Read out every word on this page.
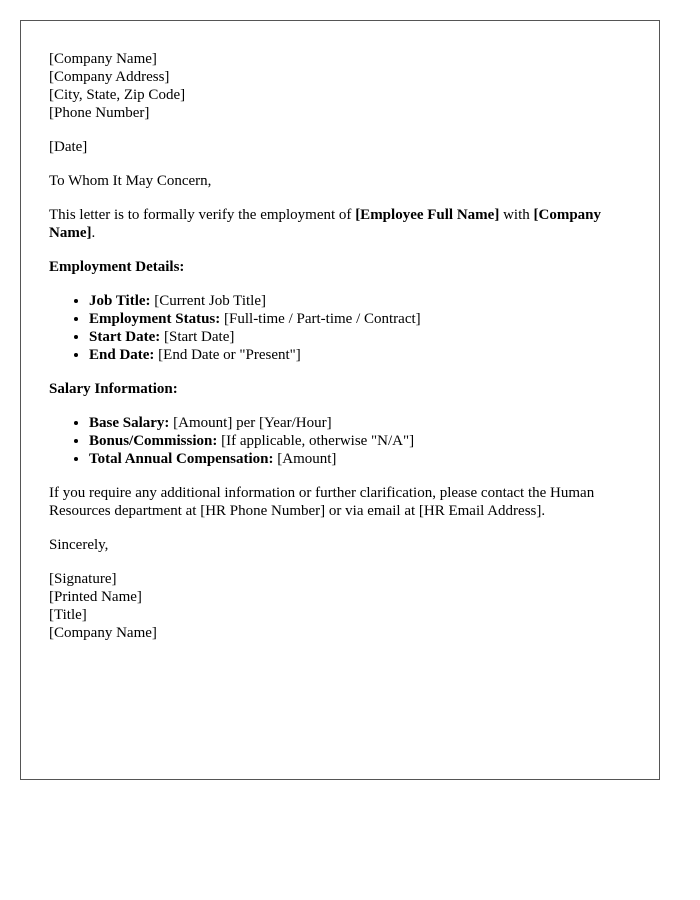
[Company Name]
[Company Address]
[City, State, Zip Code]
[Phone Number]

[Date]

To Whom It May Concern,

This letter is to formally verify the employment of [Employee Full Name] with [Company Name].

Employment Details:
• Job Title: [Current Job Title]
• Employment Status: [Full-time / Part-time / Contract]
• Start Date: [Start Date]
• End Date: [End Date or "Present"]
Salary Information:
• Base Salary: [Amount] per [Year/Hour]
• Bonus/Commission: [If applicable, otherwise "N/A"]
• Total Annual Compensation: [Amount]

If you require any additional information or further clarification, please contact the Human Resources department at [HR Phone Number] or via email at [HR Email Address].

Sincerely,

[Signature]
[Printed Name]
[Title]
[Company Name]
